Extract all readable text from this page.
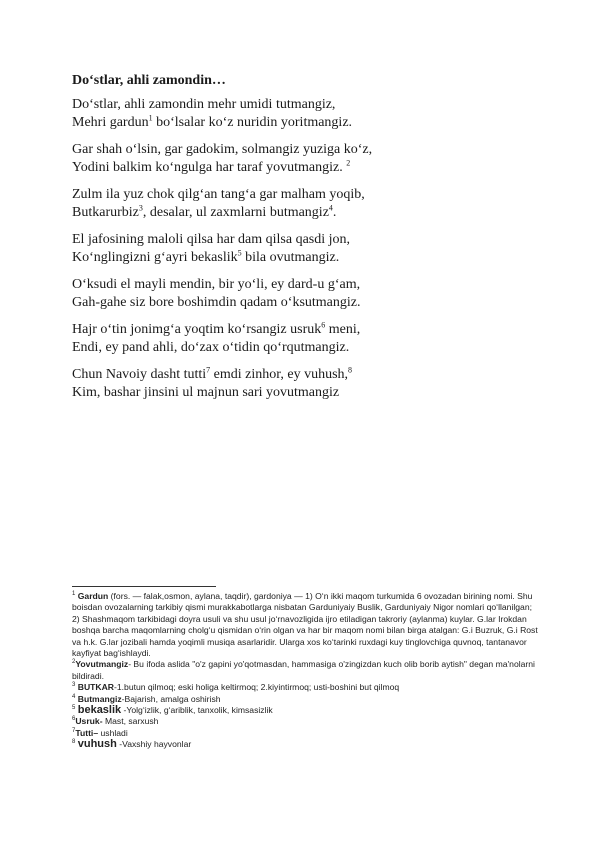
Do‘stlar, ahli zamondin…
Do‘stlar, ahli zamondin mehr umidi tutmangiz,
Mehri gardun$^1$ bo‘lsalar ko‘z nuridin yoritmangiz.
Gar shah o‘lsin, gar gadokim, solmangiz yuziga ko‘z,
Yodini balkim ko‘ngulga har taraf yovutmangiz. $^2$
Zulm ila yuz chok qilg‘an tang‘a gar malham yoqib,
Butkarurbiz$^3$, desalar, ul zaxmlarni butmangiz$^4$.
El jafosining maloli qilsa har dam qilsa qasdi jon,
Ko‘nglingizni g‘ayri bekaslik$^5$ bila ovutmangiz.
O‘ksudi el mayli mendin, bir yo‘li, ey dard-u g‘am,
Gah-gahe siz bore boshimdin qadam o‘ksutmangiz.
Hajr o‘tin jonimg‘a yoqtim ko‘rsangiz usruk$^6$ meni,
Endi, ey pand ahli, do‘zax o‘tidin qo‘rqutmangiz.
Chun Navoiy dasht tutti$^7$ emdi zinhor, ey vuhush,$^8$
Kim, bashar jinsini ul majnun sari yovutmangiz
$^1$ Gardun (fors. — falak,osmon, aylana, taqdir), gardoniya — 1) O‘n ikki maqom turkumida 6 ovozadan birining nomi. Shu boisdan ovozalarning tarkibiy qismi murakkabotlarga nisbatan Garduniyaiy Buslik, Garduniyaiy Nigor nomlari qo‘llanilgan; 2) Shashmaqom tarkibidagi doyra usuli va shu usul jo‘rnavozligida ijro etiladigan takroriy (aylanma) kuylar. G.lar Irokdan boshqa barcha maqomlarning cholg‘u qismidan o‘rin olgan va har bir maqom nomi bilan birga atalgan: G.i Buzruk, G.i Rost va h.k. G.lar jozibali hamda yoqimli musiqa asarlaridir. Ularga xos ko‘tarinki ruxdagi kuy tinglovchiga quvnoq, tantanavor kayfiyat bag‘ishlaydi.
$^2$Yovutmangiz- Bu ifoda aslida "o'z gapini yo'qotmasdan, hammasiga o'zingizdan kuch olib borib aytish" degan ma'nolarni bildiradi.
$^3$ BUTKAR-1.butun qilmoq; eski holiga keltirmoq; 2.kiyintirmoq; usti-boshini but qilmoq
$^4$ Butmangiz-Bajarish, amalga oshirish
$^5$ bekaslik -Yolg‘izlik, g‘ariblik, tanxolik, kimsasizlik
$^6$Usruk- Mast, sarxush
$^7$Tutti– ushladi
$^8$ vuhush -Vaxshiy hayvonlar
